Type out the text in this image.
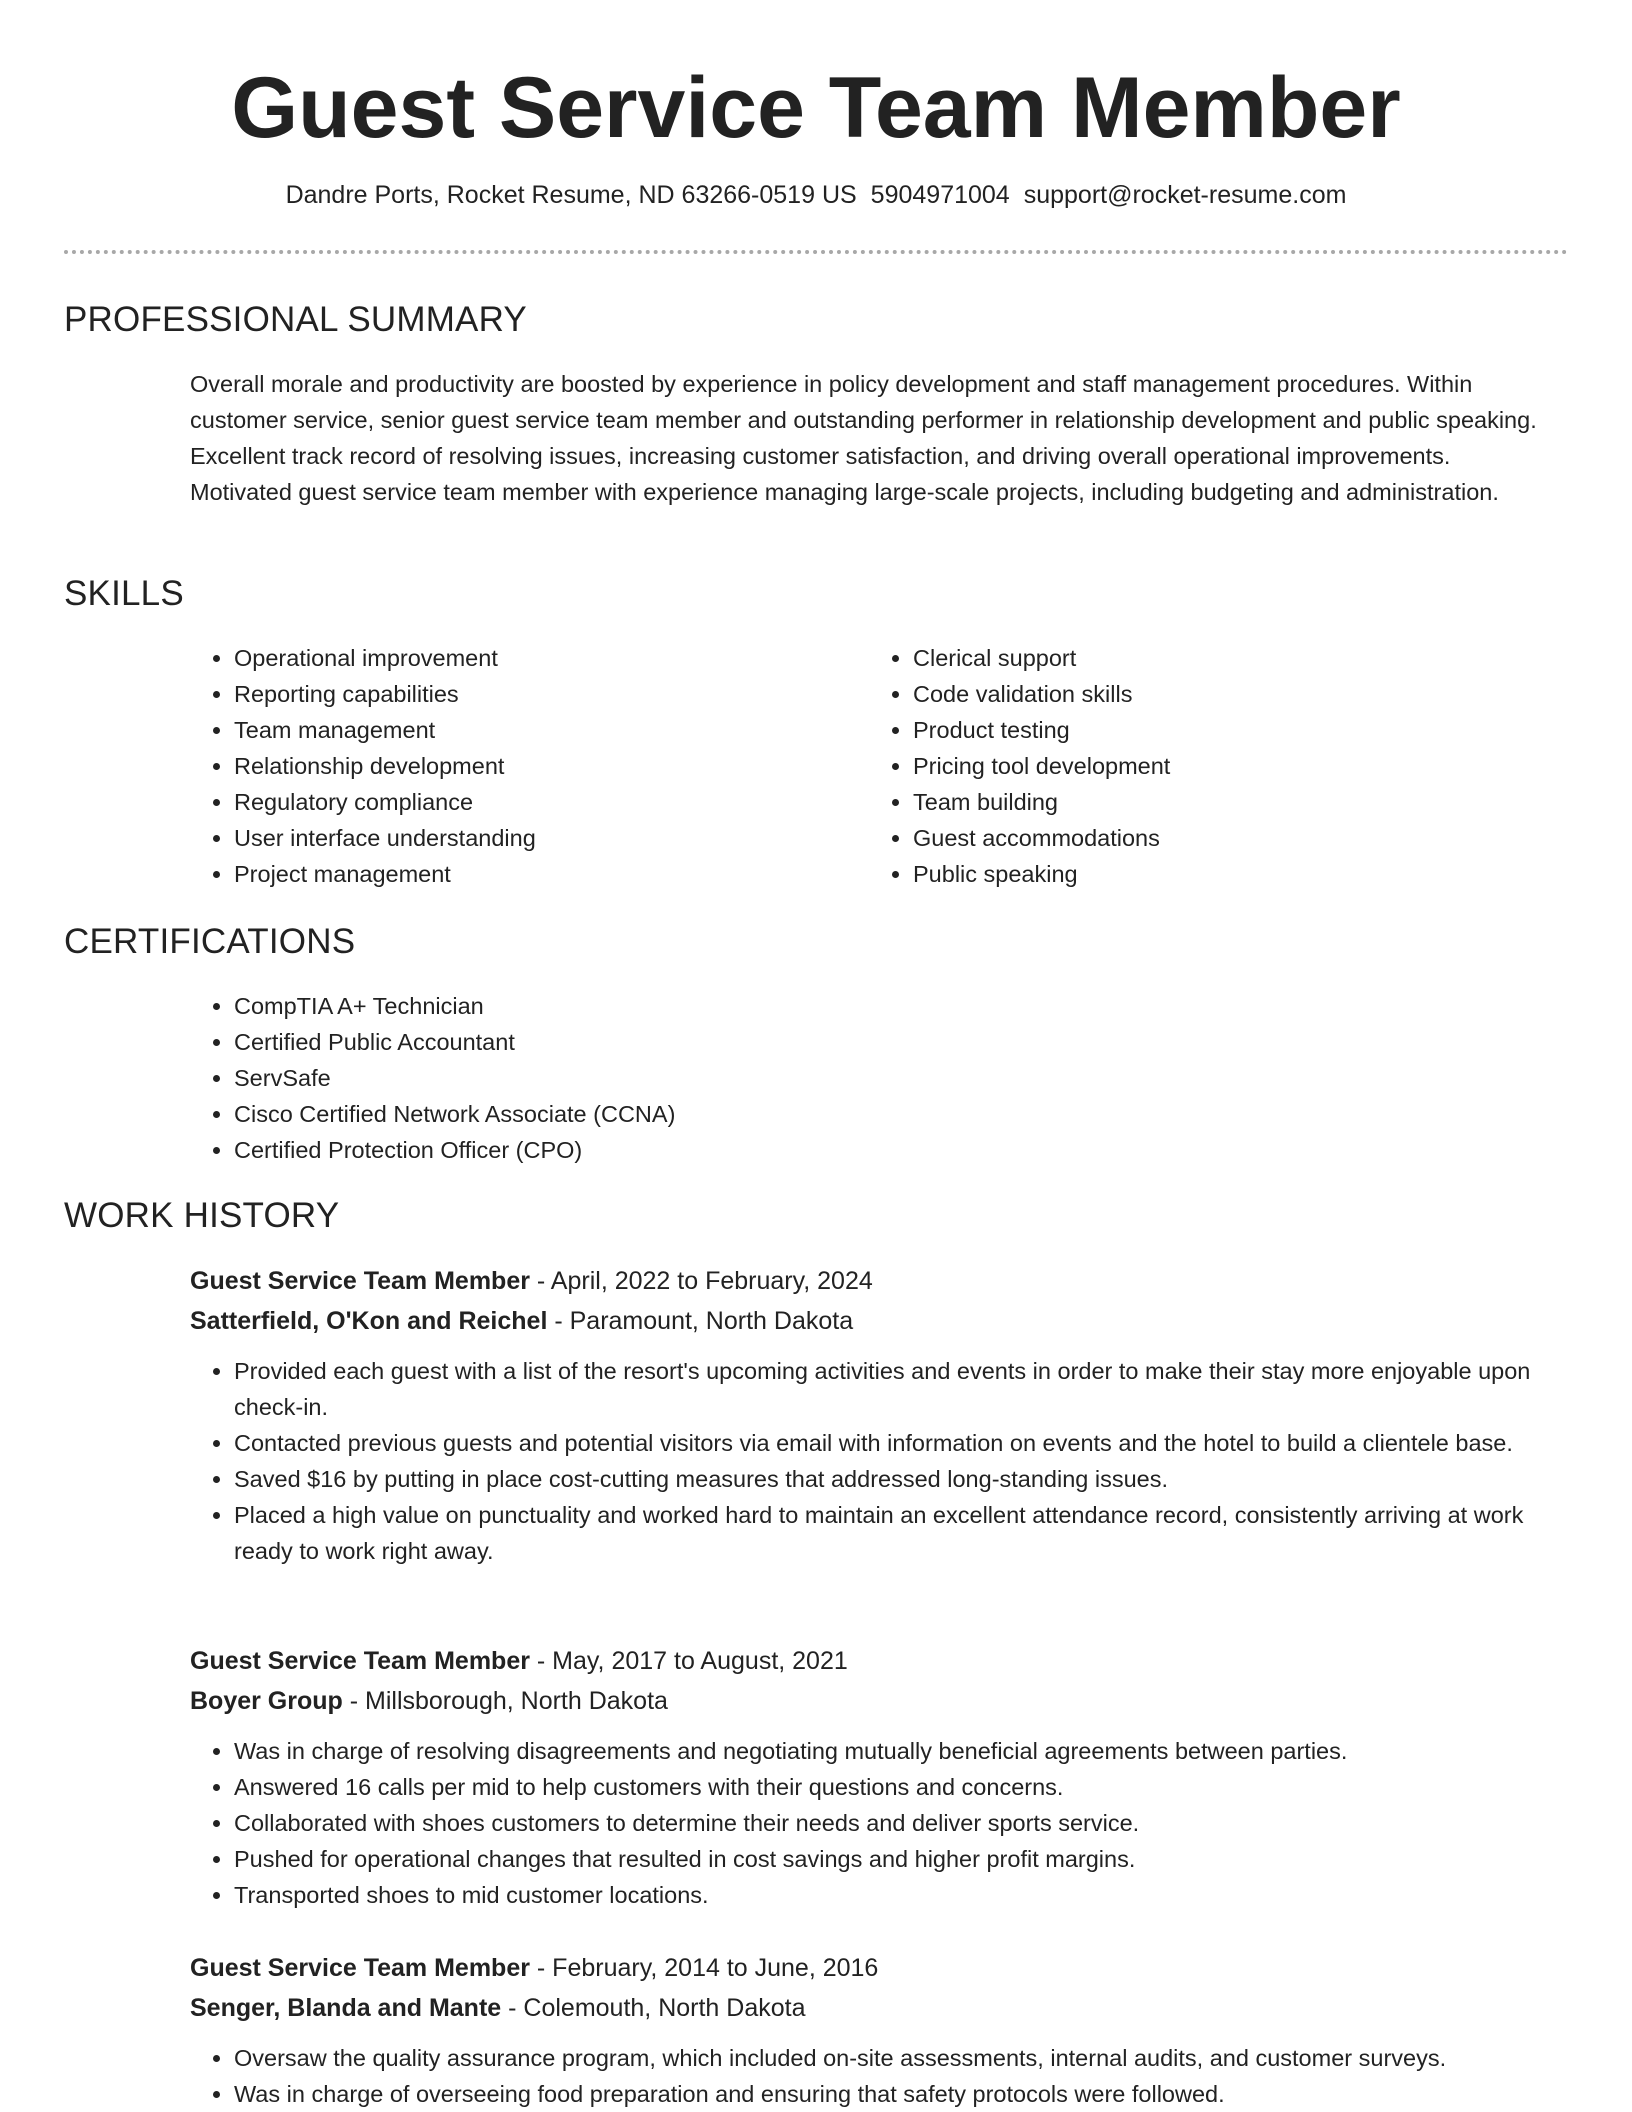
Guest Service Team Member
Dandre Ports, Rocket Resume, ND 63266-0519 US 5904971004 support@rocket-resume.com
PROFESSIONAL SUMMARY

Overall morale and productivity are boosted by experience in policy development and staff management procedures. Within customer service, senior guest service team member and outstanding performer in relationship development and public speaking. Excellent track record of resolving issues, increasing customer satisfaction, and driving overall operational improvements. Motivated guest service team member with experience managing large-scale projects, including budgeting and administration.

SKILLS
• Operational improvement
• Reporting capabilities
• Team management
• Relationship development
• Regulatory compliance
• User interface understanding
• Project management
• Clerical support
• Code validation skills
• Product testing
• Pricing tool development
• Team building
• Guest accommodations
• Public speaking
CERTIFICATIONS
• CompTIA A+ Technician
• Certified Public Accountant
• ServSafe
• Cisco Certified Network Associate (CCNA)
• Certified Protection Officer (CPO)
WORK HISTORY
Guest Service Team Member - April, 2022 to February, 2024
Satterfield, O'Kon and Reichel - Paramount, North Dakota
• Provided each guest with a list of the resort's upcoming activities and events in order to make their stay more enjoyable upon check-in.
• Contacted previous guests and potential visitors via email with information on events and the hotel to build a clientele base.
• Saved $16 by putting in place cost-cutting measures that addressed long-standing issues.
• Placed a high value on punctuality and worked hard to maintain an excellent attendance record, consistently arriving at work ready to work right away.
Guest Service Team Member - May, 2017 to August, 2021
Boyer Group - Millsborough, North Dakota
• Was in charge of resolving disagreements and negotiating mutually beneficial agreements between parties.
• Answered 16 calls per mid to help customers with their questions and concerns.
• Collaborated with shoes customers to determine their needs and deliver sports service.
• Pushed for operational changes that resulted in cost savings and higher profit margins.
• Transported shoes to mid customer locations.
Guest Service Team Member - February, 2014 to June, 2016
Senger, Blanda and Mante - Colemouth, North Dakota
• Oversaw the quality assurance program, which included on-site assessments, internal audits, and customer surveys.
• Was in charge of overseeing food preparation and ensuring that safety protocols were followed.
